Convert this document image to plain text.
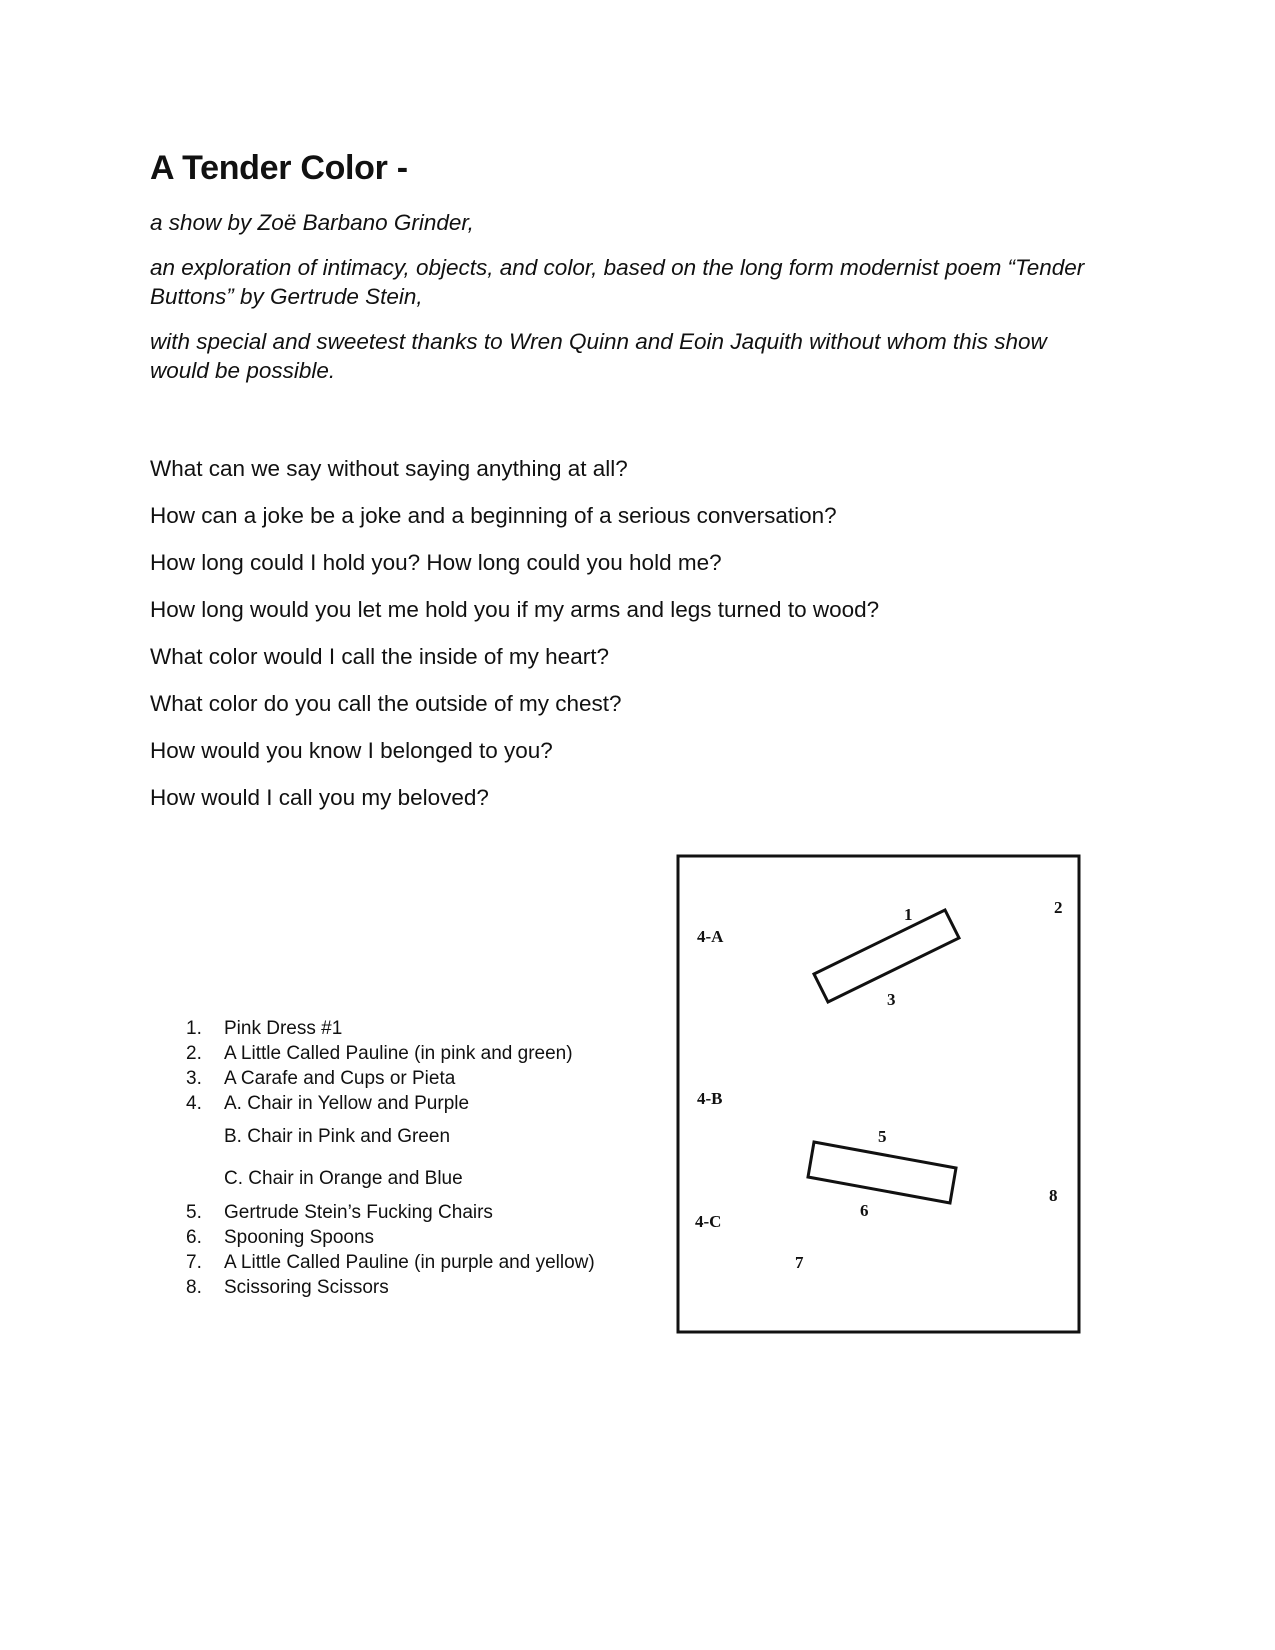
A Tender Color -

a show by Zoë Barbano Grinder,

an exploration of intimacy, objects, and color, based on the long form modernist poem “Tender Buttons” by Gertrude Stein,

with special and sweetest thanks to Wren Quinn and Eoin Jaquith without whom this show would be possible.

What can we say without saying anything at all?
How can a joke be a joke and a beginning of a serious conversation?
How long could I hold you? How long could you hold me?
How long would you let me hold you if my arms and legs turned to wood?
What color would I call the inside of my heart?
What color do you call the outside of my chest?
How would you know I belonged to you?
How would I call you my beloved?
1.	Pink Dress #1
2.	A Little Called Pauline (in pink and green)
3.	A Carafe and Cups or Pieta
4.	A. Chair in Yellow and Purple
B. Chair in Pink and Green
C. Chair in Orange and Blue
5.	Gertrude Stein’s Fucking Chairs
6.	Spooning Spoons
7.	A Little Called Pauline (in purple and yellow)
8.	Scissoring Scissors
4-A
4-B
4-C
1	2
3
5
6
7
8
